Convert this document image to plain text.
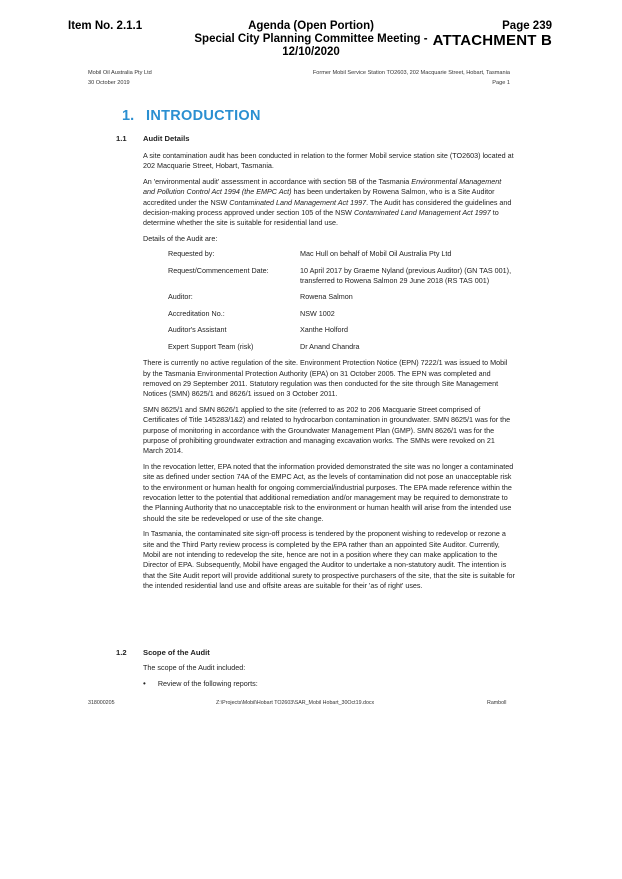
Item No. 2.1.1	Agenda (Open Portion)
Special City Planning Committee Meeting - 12/10/2020
Page 239
ATTACHMENT B
Mobil Oil Australia Pty Ltd
30 October 2019
Former Mobil Service Station TO2603, 202 Macquarie Street, Hobart, Tasmania
Page 1
1. INTRODUCTION
1.1 Audit Details

A site contamination audit has been conducted in relation to the former Mobil service station site (TO2603) located at 202 Macquarie Street, Hobart, Tasmania.

An 'environmental audit' assessment in accordance with section 5B of the Tasmania Environmental Management and Pollution Control Act 1994 (the EMPC Act) has been undertaken by Rowena Salmon, who is a Site Auditor accredited under the NSW Contaminated Land Management Act 1997. The Audit has considered the guidelines and decision-making process approved under section 105 of the NSW Contaminated Land Management Act 1997 to determine whether the site is suitable for residential land use.

Details of the Audit are:

Requested by:	Mac Hull on behalf of Mobil Oil Australia Pty Ltd
Request/Commencement Date:	10 April 2017 by Graeme Nyland (previous Auditor) (GN TAS 001), transferred to Rowena Salmon 29 June 2018 (RS TAS 001)
Auditor:	Rowena Salmon
Accreditation No.:	NSW 1002
Auditor's Assistant	Xanthe Holford
Expert Support Team (risk)	Dr Anand Chandra

There is currently no active regulation of the site. Environment Protection Notice (EPN) 7222/1 was issued to Mobil by the Tasmania Environmental Protection Authority (EPA) on 31 October 2005. The EPN was completed and removed on 29 September 2011. Statutory regulation was then conducted for the site through Site Management Notices (SMN) 8625/1 and 8626/1 issued on 3 October 2011.

SMN 8625/1 and SMN 8626/1 applied to the site (referred to as 202 to 206 Macquarie Street comprised of Certificates of Title 145283/1&2) and related to hydrocarbon contamination in groundwater. SMN 8625/1 was for the purpose of monitoring in accordance with the Groundwater Management Plan (GMP). SMN 8626/1 was for the purpose of prohibiting groundwater extraction and managing excavation works. The SMNs were revoked on 21 March 2014.

In the revocation letter, EPA noted that the information provided demonstrated the site was no longer a contaminated site as defined under section 74A of the EMPC Act, as the levels of contamination did not pose an unacceptable risk to the environment or human health for ongoing commercial/industrial purposes. The EPA made reference within the revocation letter to the potential that additional remediation and/or management may be required to demonstrate to the Planning Authority that no unacceptable risk to the environment or human health will arise from the intended use should the site be redeveloped or use of the site change.

In Tasmania, the contaminated site sign-off process is tendered by the proponent wishing to redevelop or rezone a site and the Third Party review process is completed by the EPA rather than an appointed Site Auditor. Currently, Mobil are not intending to redevelop the site, hence are not in a position where they can make application to the Director of EPA. Subsequently, Mobil have engaged the Auditor to undertake a non-statutory audit. The intention is that the Site Audit report will provide additional surety to prospective purchasers of the site, that the site is suitable for the intended residential land use and offsite areas are suitable for their 'as of right' uses.

1.2 Scope of the Audit
The scope of the Audit included:
• Review of the following reports:
318000205	Z:\Projects\Mobil\Hobart TO2603\SAR_Mobil Hobart_30Oct19.docx	Ramboll
